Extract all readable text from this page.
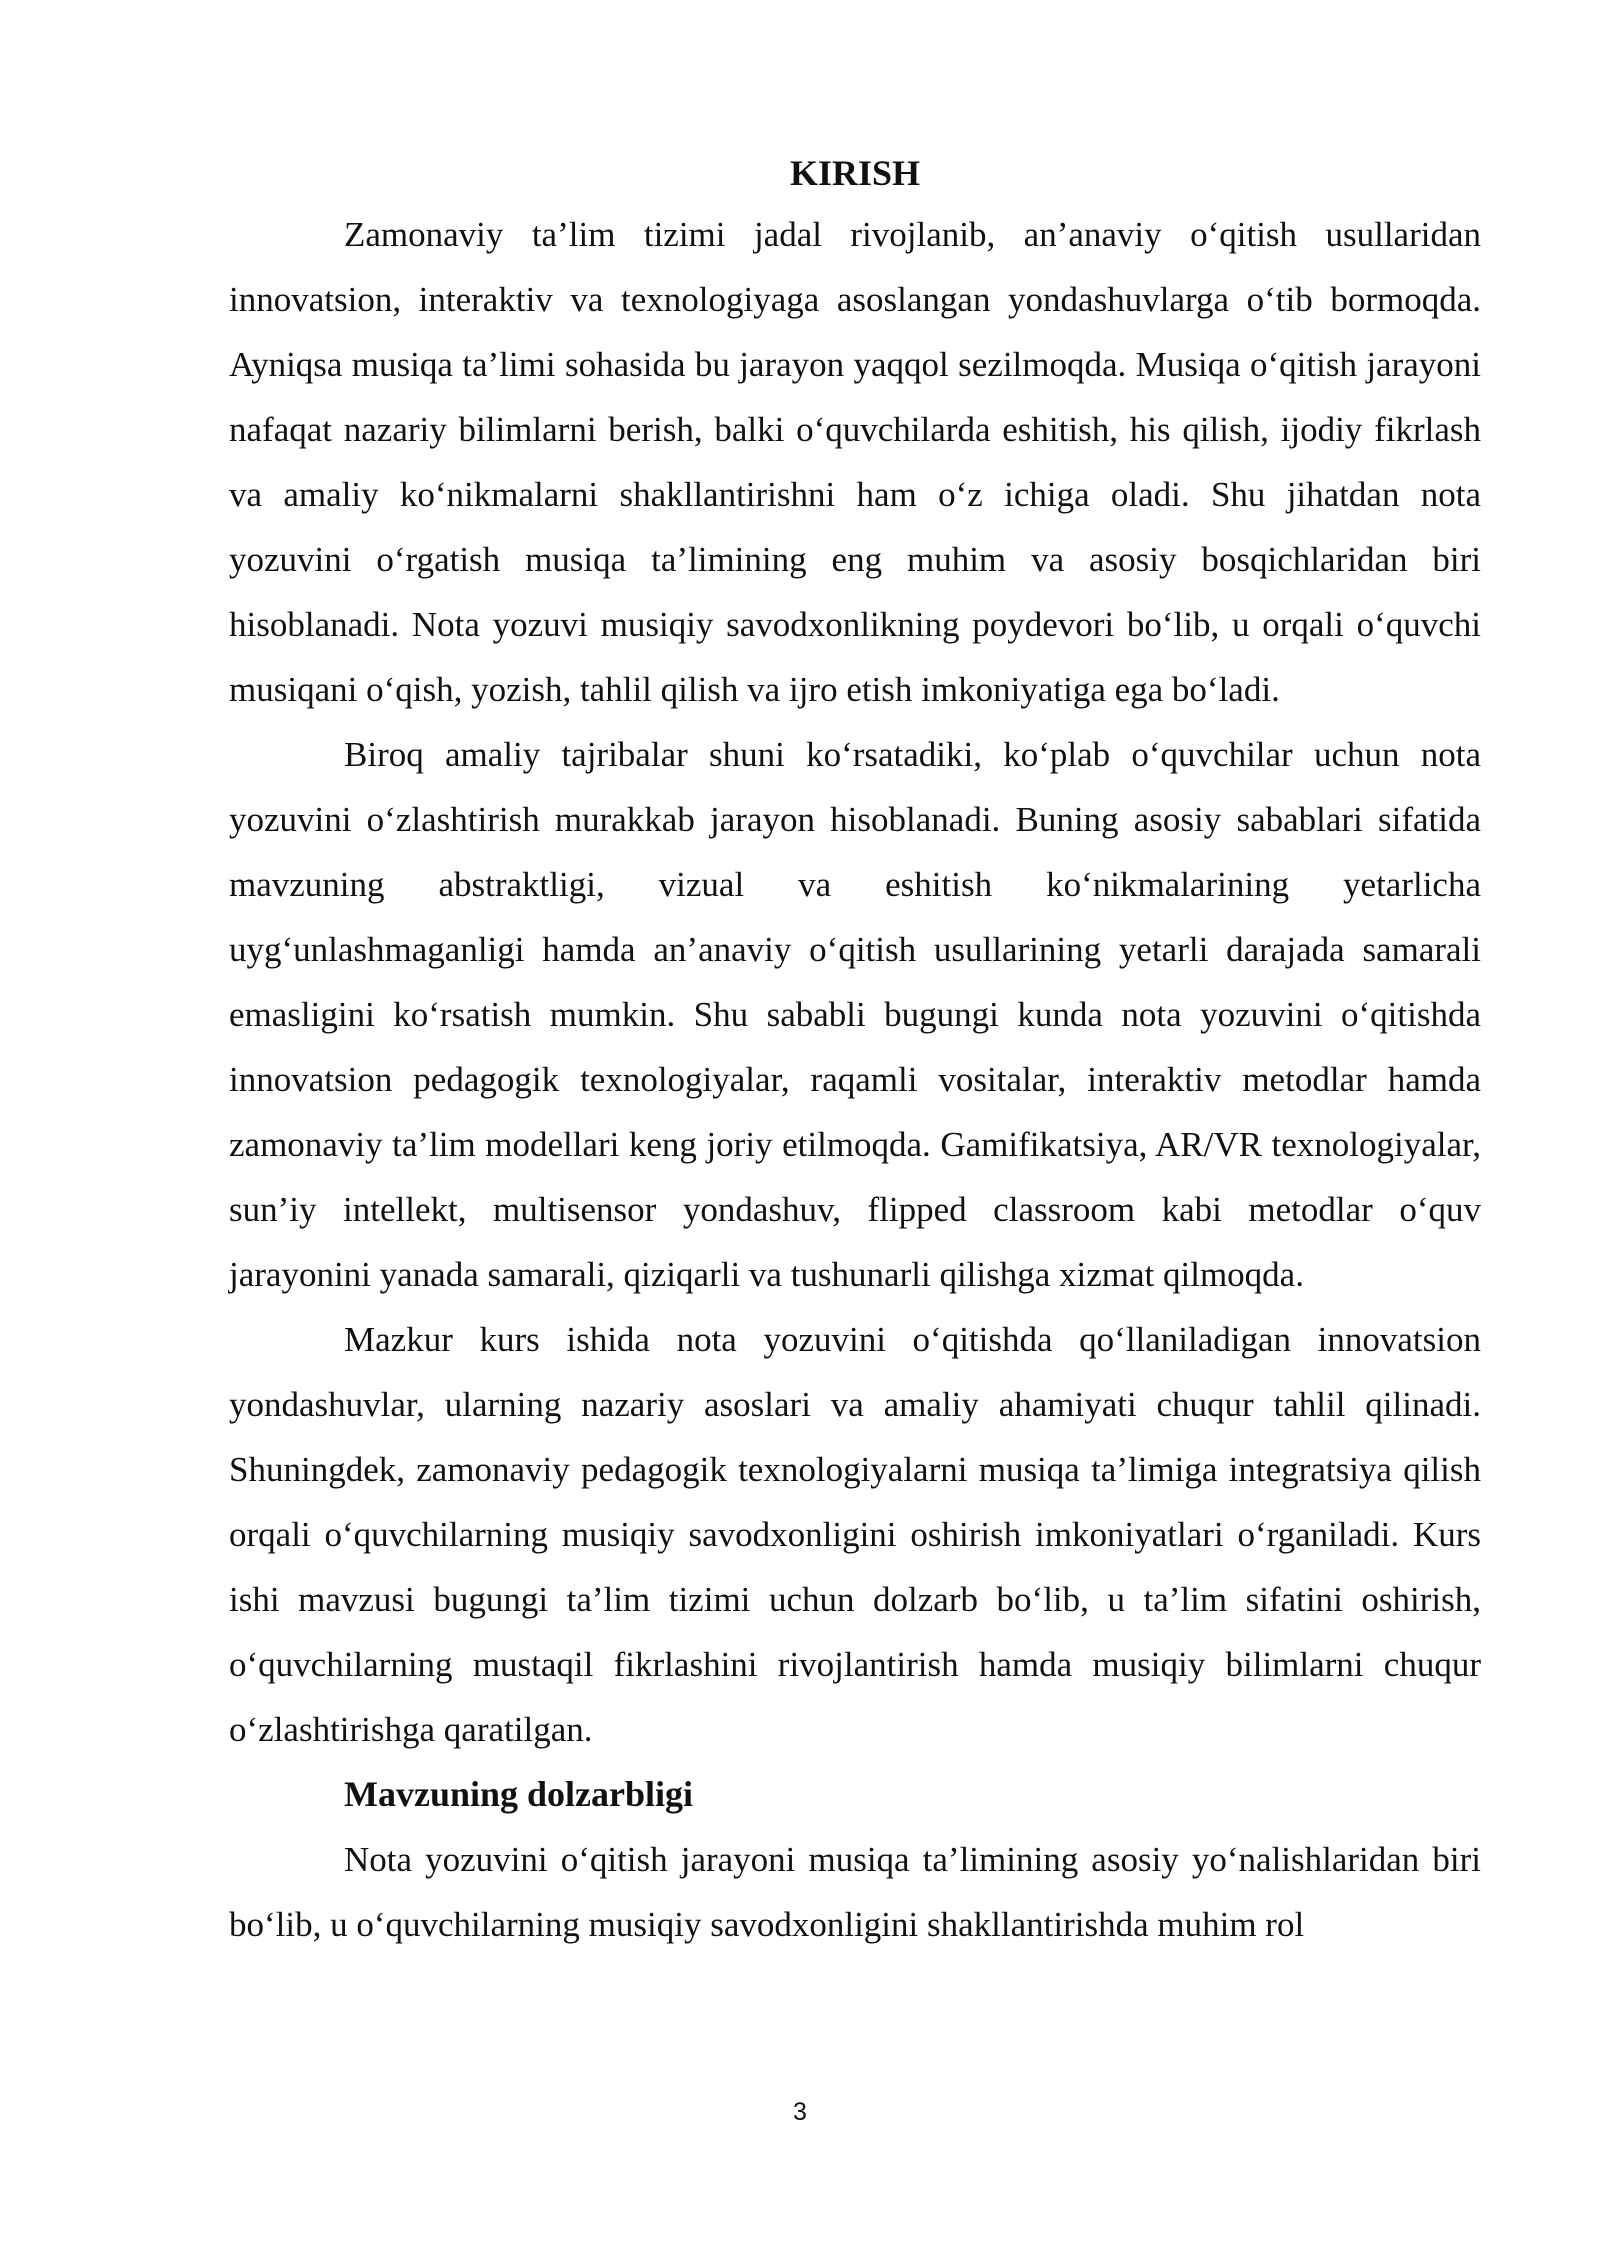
KIRISH

Zamonaviy ta’lim tizimi jadal rivojlanib, an’anaviy o‘qitish usullaridan innovatsion, interaktiv va texnologiyaga asoslangan yondashuvlarga o‘tib bormoqda. Ayniqsa musiqa ta’limi sohasida bu jarayon yaqqol sezilmoqda. Musiqa o‘qitish jarayoni nafaqat nazariy bilimlarni berish, balki o‘quvchilarda eshitish, his qilish, ijodiy fikrlash va amaliy ko‘nikmalarni shakllantirishni ham o‘z ichiga oladi. Shu jihatdan nota yozuvini o‘rgatish musiqa ta’limining eng muhim va asosiy bosqichlaridan biri hisoblanadi. Nota yozuvi musiqiy savodxonlikning poydevori bo‘lib, u orqali o‘quvchi musiqani o‘qish, yozish, tahlil qilish va ijro etish imkoniyatiga ega bo‘ladi.

Biroq amaliy tajribalar shuni ko‘rsatadiki, ko‘plab o‘quvchilar uchun nota yozuvini o‘zlashtirish murakkab jarayon hisoblanadi. Buning asosiy sabablari sifatida mavzuning abstraktligi, vizual va eshitish ko‘nikmalarining yetarlicha uyg‘unlashmaganligi hamda an’anaviy o‘qitish usullarining yetarli darajada samarali emasligini ko‘rsatish mumkin. Shu sababli bugungi kunda nota yozuvini o‘qitishda innovatsion pedagogik texnologiyalar, raqamli vositalar, interaktiv metodlar hamda zamonaviy ta’lim modellari keng joriy etilmoqda. Gamifikatsiya, AR/VR texnologiyalar, sun’iy intellekt, multisensor yondashuv, flipped classroom kabi metodlar o‘quv jarayonini yanada samarali, qiziqarli va tushunarli qilishga xizmat qilmoqda.

Mazkur kurs ishida nota yozuvini o‘qitishda qo‘llaniladigan innovatsion yondashuvlar, ularning nazariy asoslari va amaliy ahamiyati chuqur tahlil qilinadi. Shuningdek, zamonaviy pedagogik texnologiyalarni musiqa ta’limiga integratsiya qilish orqali o‘quvchilarning musiqiy savodxonligini oshirish imkoniyatlari o‘rganiladi. Kurs ishi mavzusi bugungi ta’lim tizimi uchun dolzarb bo‘lib, u ta’lim sifatini oshirish, o‘quvchilarning mustaqil fikrlashini rivojlantirish hamda musiqiy bilimlarni chuqur o‘zlashtirishga qaratilgan.

Mavzuning dolzarbligi

Nota yozuvini o‘qitish jarayoni musiqa ta’limining asosiy yo‘nalishlaridan biri bo‘lib, u o‘quvchilarning musiqiy savodxonligini shakllantirishda muhim rol

3
